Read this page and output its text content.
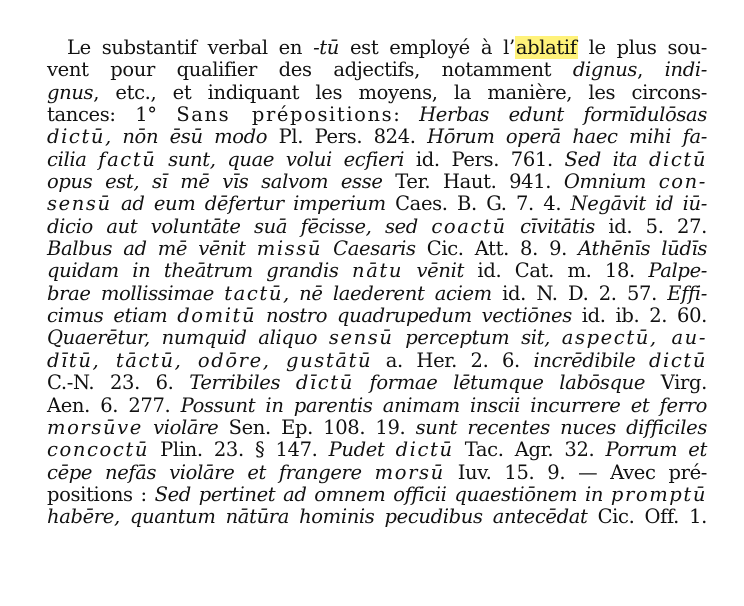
Le substantif verbal en -tū est employé à l’ablatif le plus sou-
vent pour qualifier des adjectifs, notamment dignus, indi-
gnus, etc., et indiquant les moyens, la manière, les circons-
tances: 1° Sans prépositions: Herbas edunt formīdulōsas
dictū, nōn ēsū modo Pl. Pers. 824. Hōrum operā haec mihi fa-
cilia factū sunt, quae volui ecfieri id. Pers. 761. Sed ita dictū
opus est, sī mē vīs salvom esse Ter. Haut. 941. Omnium con-
sensū ad eum dēfertur imperium Caes. B. G. 7. 4. Negāvit id iū-
dicio aut voluntāte suā fēcisse, sed coactū cīvitātis id. 5. 27.
Balbus ad mē vēnit missū Caesaris Cic. Att. 8. 9. Athēnīs lūdīs
quidam in theātrum grandis nātu vēnit id. Cat. m. 18. Palpe-
brae mollissimae tactū, nē laederent aciem id. N. D. 2. 57. Effi-
cimus etiam domitū nostro quadrupedum vectiōnes id. ib. 2. 60.
Quaerētur, numquid aliquo sensū perceptum sit, aspectū, au-
dītū, tāctū, odōre, gustātū a. Her. 2. 6. incrēdibile dictū
C.-N. 23. 6. Terribiles dīctū formae lētumque labōsque Virg.
Aen. 6. 277. Possunt in parentis animam inscii incurrere et ferro
morsūve violāre Sen. Ep. 108. 19. sunt recentes nuces difficiles
concoctū Plin. 23. § 147. Pudet dictū Tac. Agr. 32. Porrum et
cēpe nefās violāre et frangere morsū Iuv. 15. 9. — Avec pré-
positions : Sed pertinet ad omnem officii quaestiōnem in promptū
habēre, quantum nātūra hominis pecudibus antecēdat Cic. Off. 1.
